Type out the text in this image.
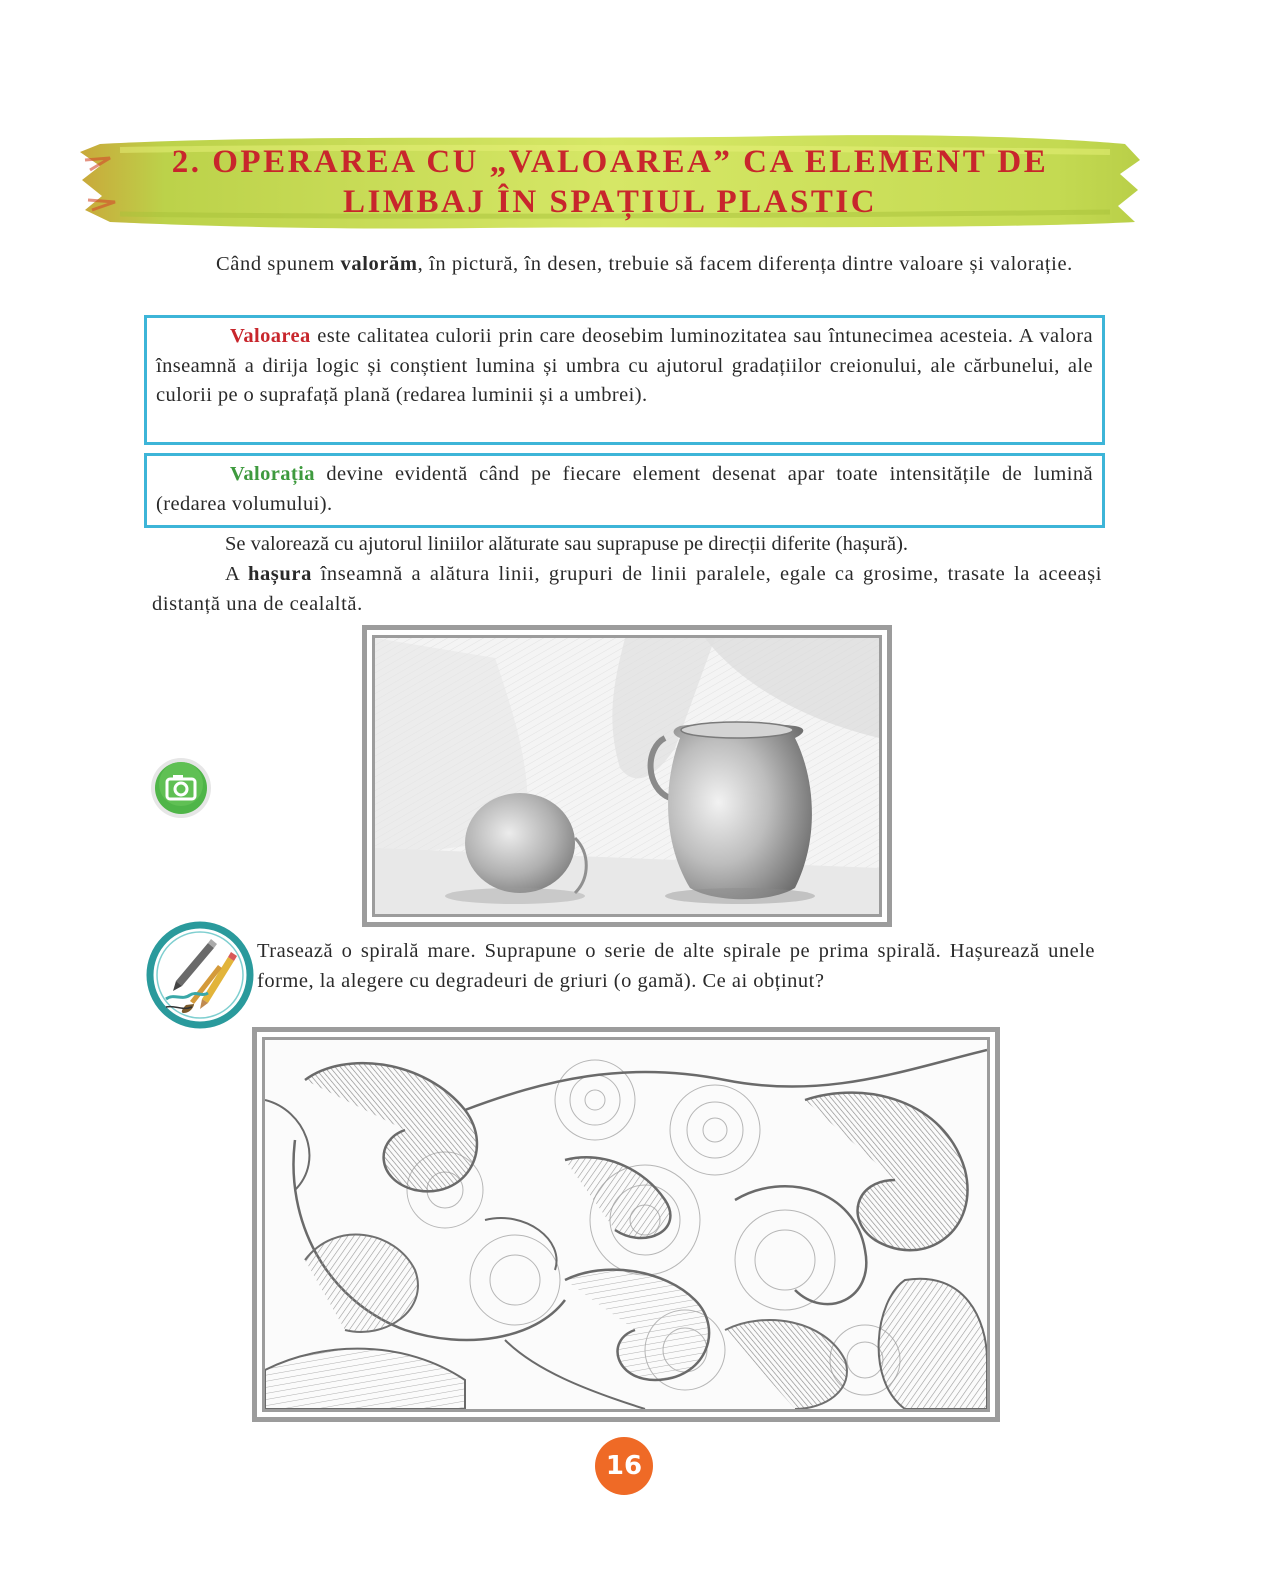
2. OPERAREA CU „VALOAREA” CA ELEMENT DE
LIMBAJ ÎN SPAȚIUL PLASTIC
Când spunem valorăm, în pictură, în desen, trebuie să facem diferența dintre valoare și valorație.
Valoarea este calitatea culorii prin care deosebim luminozitatea sau întunecimea acesteia. A valora înseamnă a dirija logic și conștient lumina și umbra cu ajutorul gradațiilor creionului, ale cărbunelui, ale culorii pe o suprafață plană (redarea luminii și a umbrei).
Valorația devine evidentă când pe fiecare element desenat apar toate intensitățile de lumină (redarea volumului).
Se valorează cu ajutorul liniilor alăturate sau suprapuse pe direcții diferite (hașură).
A hașura înseamnă a alătura linii, grupuri de linii paralele, egale ca grosime, trasate la aceeași distanță una de cealaltă.
Trasează o spirală mare. Suprapune o serie de alte spirale pe prima spirală. Hașurează unele forme, la alegere cu degradeuri de griuri (o gamă). Ce ai obținut?
16
